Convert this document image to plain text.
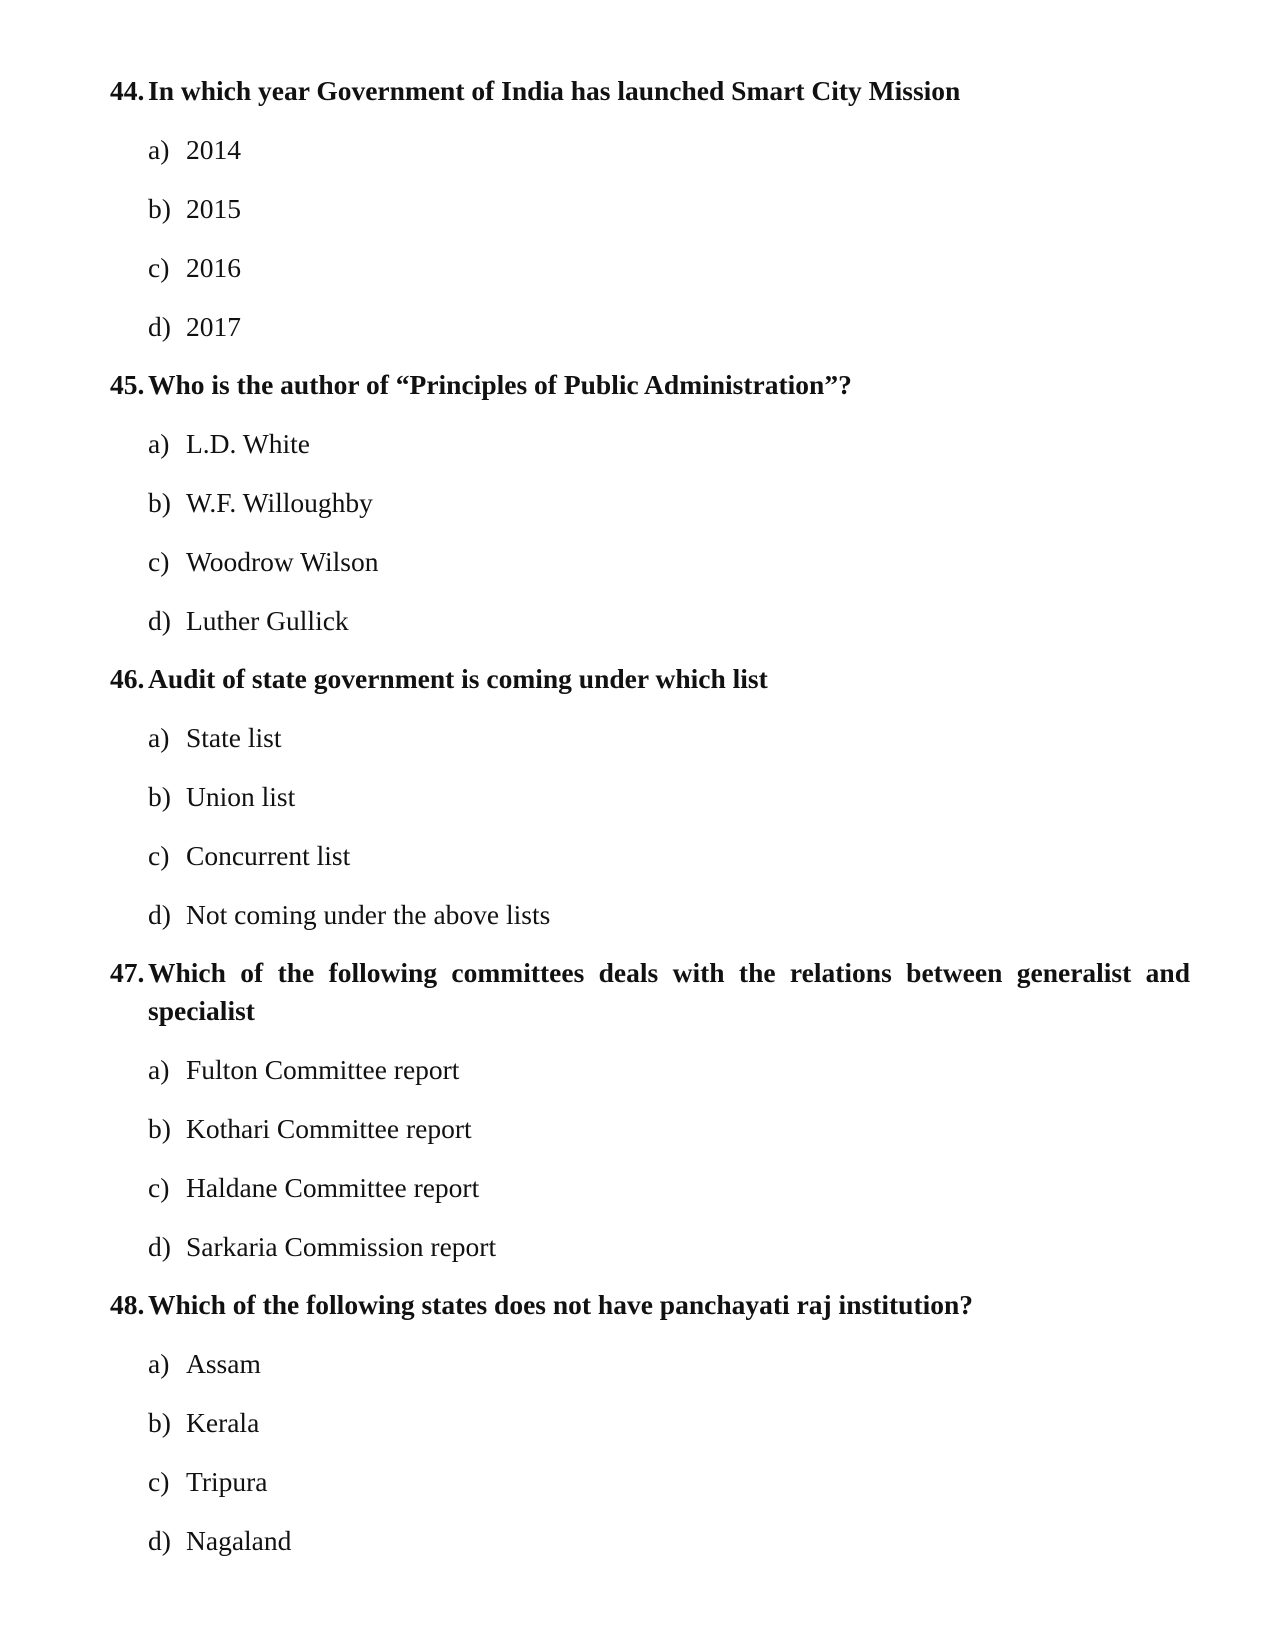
44. In which year Government of India has launched Smart City Mission
a) 2014
b) 2015
c) 2016
d) 2017
45. Who is the author of “Principles of Public Administration”?
a) L.D. White
b) W.F. Willoughby
c) Woodrow Wilson
d) Luther Gullick
46. Audit of state government is coming under which list
a) State list
b) Union list
c) Concurrent list
d) Not coming under the above lists
47. Which of the following committees deals with the relations between generalist and specialist
a) Fulton Committee report
b) Kothari Committee report
c) Haldane Committee report
d) Sarkaria Commission report
48. Which of the following states does not have panchayati raj institution?
a) Assam
b) Kerala
c) Tripura
d) Nagaland
